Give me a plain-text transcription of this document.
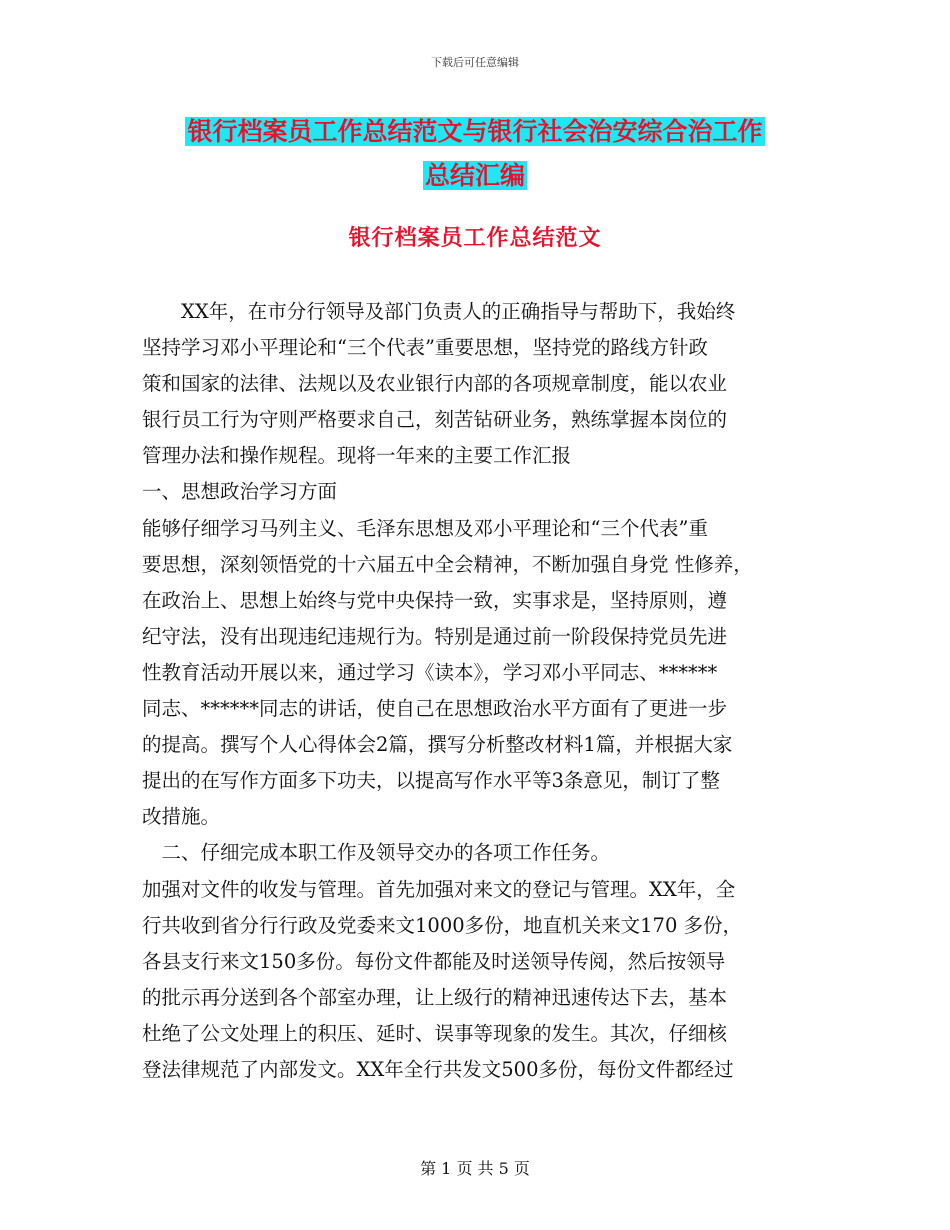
下载后可任意编辑
银行档案员工作总结范文与银行社会治安综合治工作
总结汇编
银行档案员工作总结范文
　　XX年，在市分行领导及部门负责人的正确指导与帮助下，我始终
坚持学习邓小平理论和“三个代表”重要思想，坚持党的路线方针政
策和国家的法律、法规以及农业银行内部的各项规章制度，能以农业
银行员工行为守则严格要求自己，刻苦钻研业务，熟练掌握本岗位的
管理办法和操作规程。现将一年来的主要工作汇报
一、思想政治学习方面
能够仔细学习马列主义、毛泽东思想及邓小平理论和“三个代表”重
要思想，深刻领悟党的十六届五中全会精神，不断加强自身党 性修养，
在政治上、思想上始终与党中央保持一致，实事求是，坚持原则，遵
纪守法，没有出现违纪违规行为。特别是通过前一阶段保持党员先进
性教育活动开展以来，通过学习《读本》，学习邓小平同志、******
同志、******同志的讲话，使自己在思想政治水平方面有了更进一步
的提高。撰写个人心得体会2篇，撰写分析整改材料1篇，并根据大家
提出的在写作方面多下功夫，以提高写作水平等3条意见，制订了整
改措施。
　二、仔细完成本职工作及领导交办的各项工作任务。
加强对文件的收发与管理。首先加强对来文的登记与管理。XX年，全
行共收到省分行行政及党委来文1000多份，地直机关来文170 多份，
各县支行来文150多份。每份文件都能及时送领导传阅，然后按领导
的批示再分送到各个部室办理，让上级行的精神迅速传达下去，基本
杜绝了公文处理上的积压、延时、误事等现象的发生。其次，仔细核
登法律规范了内部发文。XX年全行共发文500多份，每份文件都经过
第 1 页 共 5 页
